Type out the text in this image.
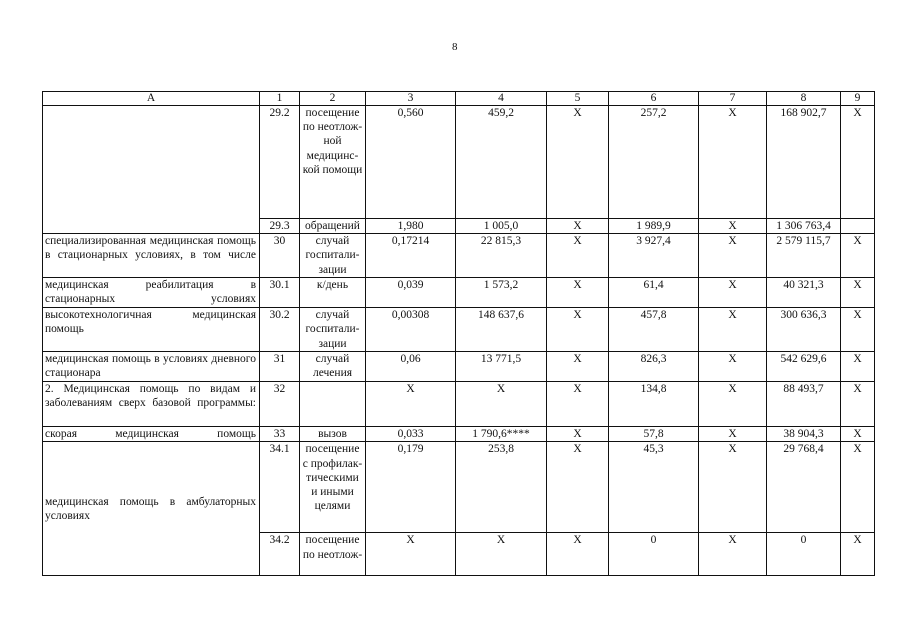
8
A	1	2	3	4	5	6	7	8	9
	29.2	посещение по неотлож- ной медицинс- кой помощи	0,560	459,2	X	257,2	X	168 902,7	X
	29.3	обращений	1,980	1 005,0	X	1 989,9	X	1 306 763,4	
специализированная медицинская помощь в стационарных условиях, в том числе	30	случай госпитали- зации	0,17214	22 815,3	X	3 927,4	X	2 579 115,7	X
медицинская реабилитация в стационарных условиях	30.1	к/день	0,039	1 573,2	X	61,4	X	40 321,3	X
высокотехнологичная медицинская помощь	30.2	случай госпитали- зации	0,00308	148 637,6	X	457,8	X	300 636,3	X
медицинская помощь в условиях дневного стационара	31	случай лечения	0,06	13 771,5	X	826,3	X	542 629,6	X
2. Медицинская помощь по видам и заболеваниям сверх базовой программы:	32		X	X	X	134,8	X	88 493,7	X
скорая медицинская помощь	33	вызов	0,033	1 790,6****	X	57,8	X	38 904,3	X
медицинская помощь в амбулаторных условиях	34.1	посещение с профилак- тическими и иными целями	0,179	253,8	X	45,3	X	29 768,4	X
	34.2	посещение по неотлож-	X	X	X	0	X	0	X
